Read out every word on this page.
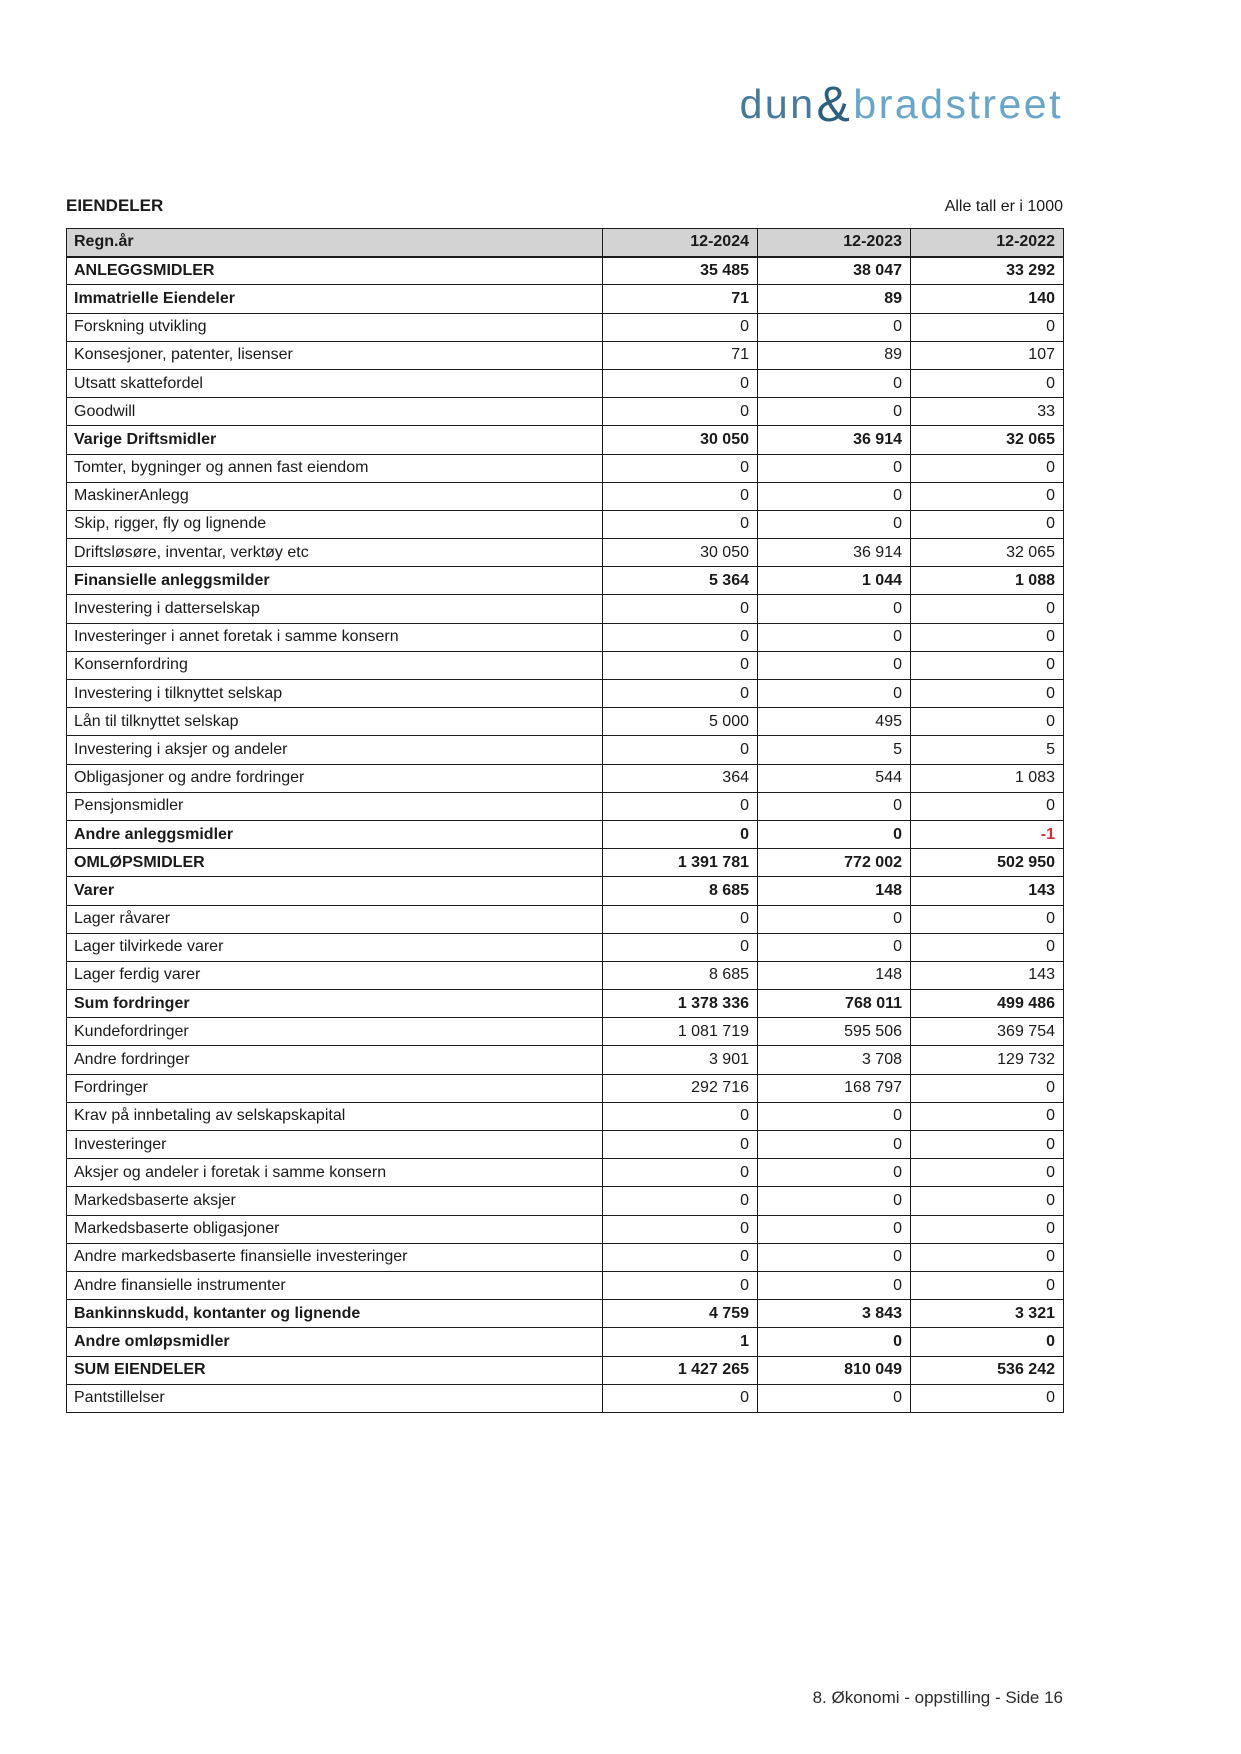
dun&bradstreet
EIENDELER	Alle tall er i 1000
Regn.år	12-2024	12-2023	12-2022
ANLEGGSMIDLER	35 485	38 047	33 292
Immatrielle Eiendeler	71	89	140
Forskning utvikling	0	0	0
Konsesjoner, patenter, lisenser	71	89	107
Utsatt skattefordel	0	0	0
Goodwill	0	0	33
Varige Driftsmidler	30 050	36 914	32 065
Tomter, bygninger og annen fast eiendom	0	0	0
MaskinerAnlegg	0	0	0
Skip, rigger, fly og lignende	0	0	0
Driftsløsøre, inventar, verktøy etc	30 050	36 914	32 065
Finansielle anleggsmilder	5 364	1 044	1 088
Investering i datterselskap	0	0	0
Investeringer i annet foretak i samme konsern	0	0	0
Konsernfordring	0	0	0
Investering i tilknyttet selskap	0	0	0
Lån til tilknyttet selskap	5 000	495	0
Investering i aksjer og andeler	0	5	5
Obligasjoner og andre fordringer	364	544	1 083
Pensjonsmidler	0	0	0
Andre anleggsmidler	0	0	-1
OMLØPSMIDLER	1 391 781	772 002	502 950
Varer	8 685	148	143
Lager råvarer	0	0	0
Lager tilvirkede varer	0	0	0
Lager ferdig varer	8 685	148	143
Sum fordringer	1 378 336	768 011	499 486
Kundefordringer	1 081 719	595 506	369 754
Andre fordringer	3 901	3 708	129 732
Fordringer	292 716	168 797	0
Krav på innbetaling av selskapskapital	0	0	0
Investeringer	0	0	0
Aksjer og andeler i foretak i samme konsern	0	0	0
Markedsbaserte aksjer	0	0	0
Markedsbaserte obligasjoner	0	0	0
Andre markedsbaserte finansielle investeringer	0	0	0
Andre finansielle instrumenter	0	0	0
Bankinnskudd, kontanter og lignende	4 759	3 843	3 321
Andre omløpsmidler	1	0	0
SUM EIENDELER	1 427 265	810 049	536 242
Pantstillelser	0	0	0
8. Økonomi - oppstilling - Side 16
